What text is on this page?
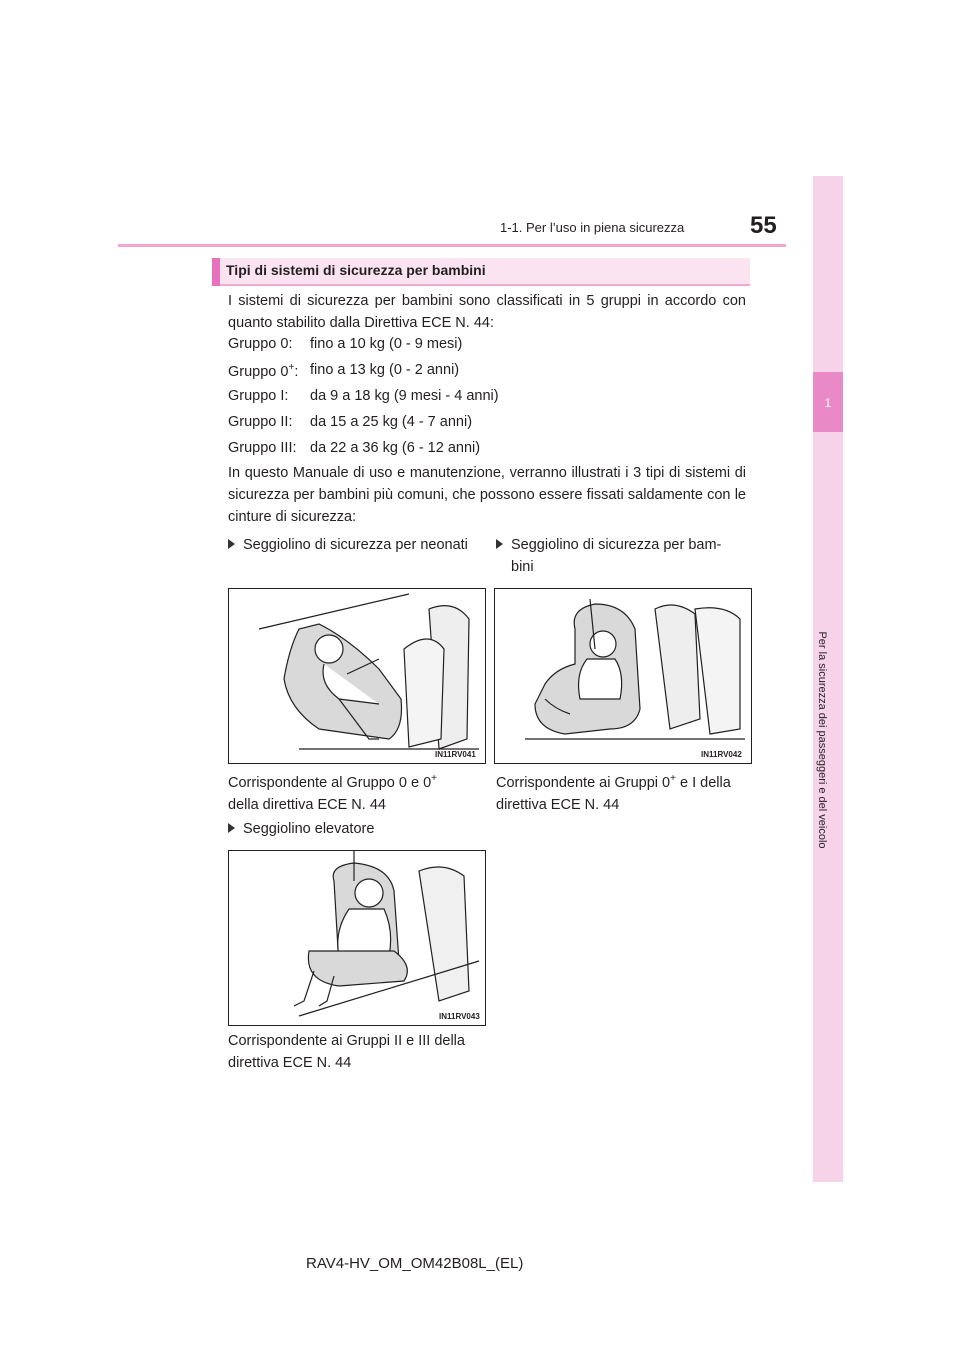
1-1. Per l’uso in piena sicurezza	55
1
Per la sicurezza dei passeggeri e del veicolo
Tipi di sistemi di sicurezza per bambini
I sistemi di sicurezza per bambini sono classificati in 5 gruppi in accordo con quanto stabilito dalla Direttiva ECE N. 44:
Gruppo 0: fino a 10 kg (0 - 9 mesi)
Gruppo 0+: fino a 13 kg (0 - 2 anni)
Gruppo I: da 9 a 18 kg (9 mesi - 4 anni)
Gruppo II: da 15 a 25 kg (4 - 7 anni)
Gruppo III: da 22 a 36 kg (6 - 12 anni)
In questo Manuale di uso e manutenzione, verranno illustrati i 3 tipi di sistemi di sicurezza per bambini più comuni, che possono essere fissati saldamente con le cinture di sicurezza:
Seggiolino di sicurezza per neonati	Seggiolino di sicurezza per bam-
bini
IN11RV041	IN11RV042
Corrispondente al Gruppo 0 e 0+
della direttiva ECE N. 44
Corrispondente ai Gruppi 0+ e I della
direttiva ECE N. 44
Seggiolino elevatore
IN11RV043
Corrispondente ai Gruppi II e III della
direttiva ECE N. 44
RAV4-HV_OM_OM42B08L_(EL)
